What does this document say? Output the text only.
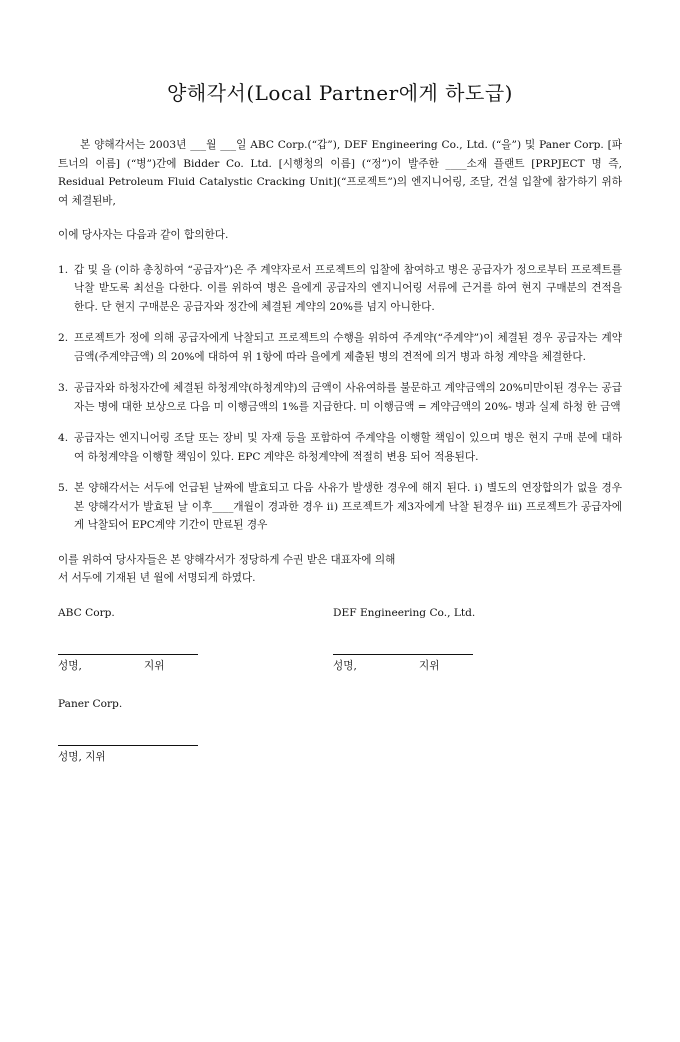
양해각서(Local Partner에게 하도급)

본 양해각서는 2003년 ___월 ___일 ABC Corp.(“갑”), DEF Engineering Co., Ltd. (“을”) 및 Paner Corp. [파트너의 이름] (“병”)간에 Bidder Co. Ltd. [시행청의 이름] (“정”)이 발주한 ____소재 플랜트 [PRPJECT 명 즉, Residual Petroleum Fluid Catalystic Cracking Unit](“프로젝트”)의 엔지니어링, 조달, 건설 입찰에 참가하기 위하여 체결된바,

이에 당사자는 다음과 같이 합의한다.

1. 갑 및 을 (이하 총칭하여 “공급자”)은 주 계약자로서 프로젝트의 입찰에 참여하고 병은 공급자가 정으로부터 프로젝트를 낙찰 받도록 최선을 다한다. 이를 위하여 병은 을에게 공급자의 엔지니어링 서류에 근거를 하여 현지 구매분의 견적을 한다. 단 현지 구매분은 공급자와 정간에 체결된 계약의 20%를 넘지 아니한다.
2. 프로젝트가 정에 의해 공급자에게 낙찰되고 프로젝트의 수행을 위하여 주계약(“주계약”)이 체결된 경우 공급자는 계약금액(주계약금액) 의 20%에 대하여 위 1항에 따라 을에게 제출된 병의 견적에 의거 병과 하청 계약을 체결한다.
3. 공급자와 하청자간에 체결된 하청계약(하청계약)의 금액이 사유여하를 불문하고 계약금액의 20%미만이된 경우는 공급자는 병에 대한 보상으로 다음 미 이행금액의 1%를 지급한다. 미 이행금액 = 계약금액의 20%- 병과 실제 하청 한 금액
4. 공급자는 엔지니어링 조달 또는 장비 및 자재 등을 포함하여 주계약을 이행할 책임이 있으며 병은 현지 구매 분에 대하여 하청계약을 이행할 책임이 있다. EPC 계약은 하청계약에 적절히 변용 되어 적용된다.
5. 본 양해각서는 서두에 언급된 날짜에 발효되고 다음 사유가 발생한 경우에 해지 된다. ⅰ) 별도의 연장합의가 없을 경우 본 양해각서가 발효된 날 이후____개월이 경과한 경우 ⅱ) 프로젝트가 제3자에게 낙찰 된경우 ⅲ) 프로젝트가 공급자에게 낙찰되어 EPC계약 기간이 만료된 경우
이를 위하여 당사자들은 본 양해각서가 정당하게 수권 받은 대표자에 의해
서 서두에 기재된 년 월에 서명되게 하였다.
ABC Corp.
성명,	지위
DEF Engineering Co., Ltd.
성명,	지위
Paner Corp.
성명, 지위
